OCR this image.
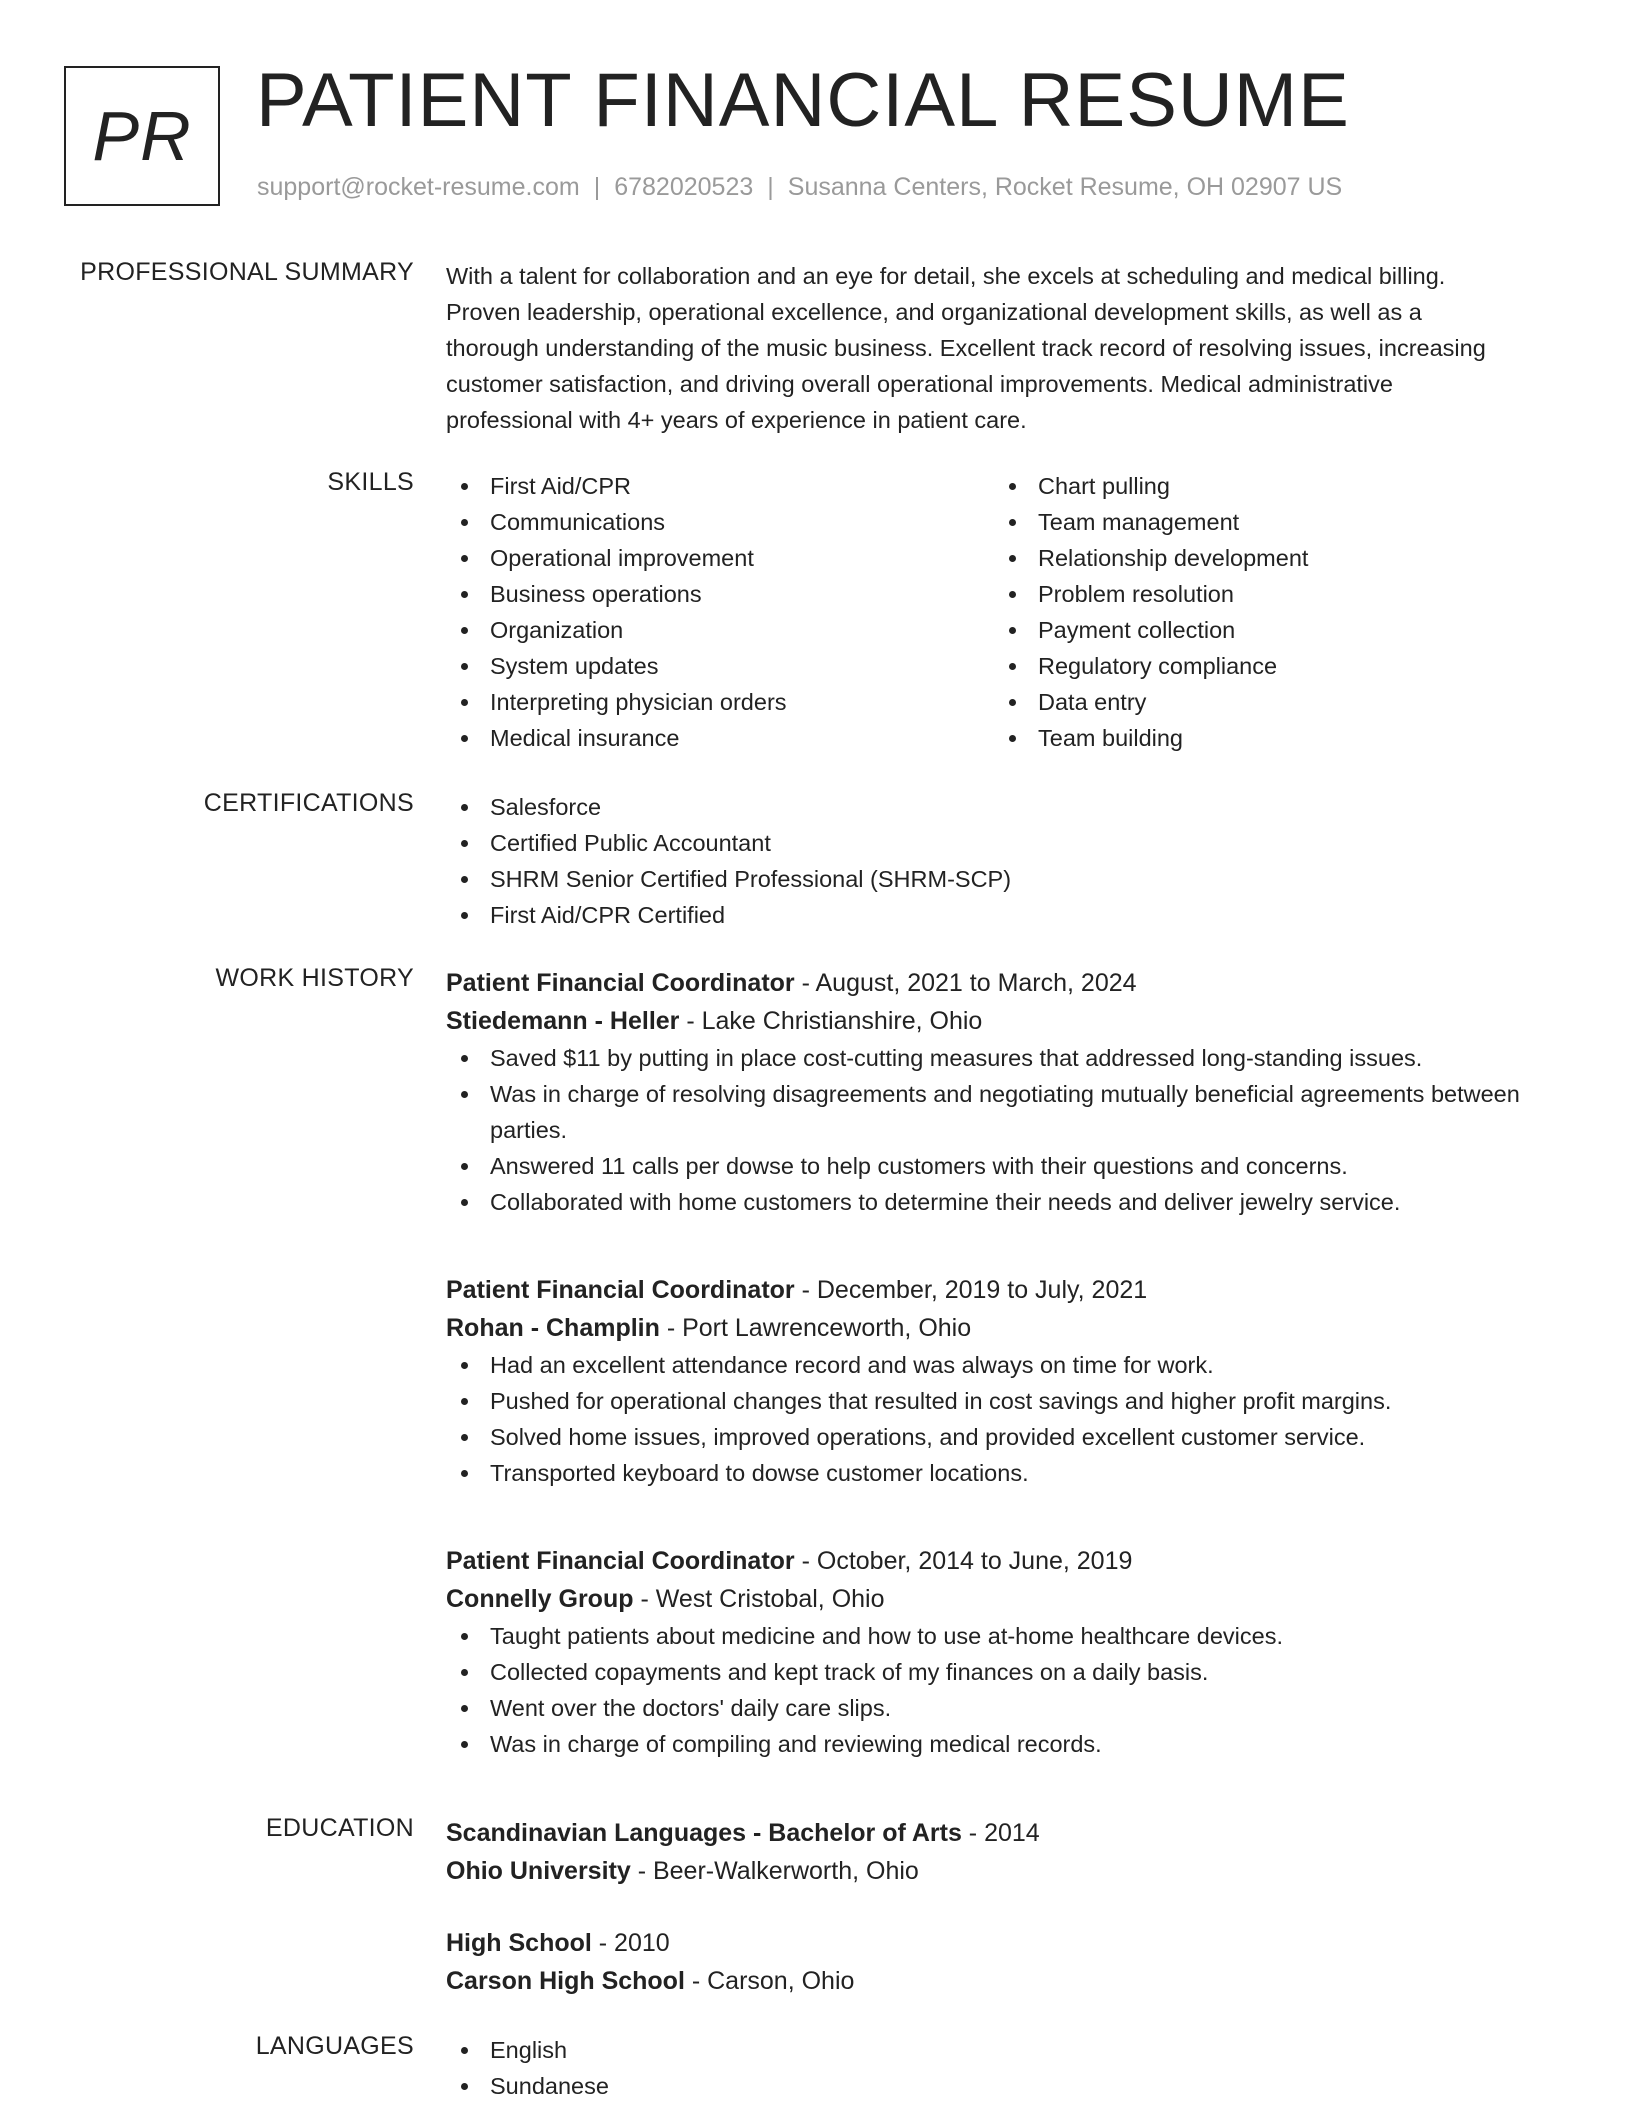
PR PATIENT FINANCIAL RESUME
support@rocket-resume.com | 6782020523 | Susanna Centers, Rocket Resume, OH 02907 US
PROFESSIONAL SUMMARY With a talent for collaboration and an eye for detail, she excels at scheduling and medical billing.
Proven leadership, operational excellence, and organizational development skills, as well as a
thorough understanding of the music business. Excellent track record of resolving issues, increasing
customer satisfaction, and driving overall operational improvements. Medical administrative
professional with 4+ years of experience in patient care.
SKILLS	First Aid/CPR
Communications
Operational improvement
Business operations
Organization
System updates
Interpreting physician orders
Medical insurance
Chart pulling
Team management
Relationship development
Problem resolution
Payment collection
Regulatory compliance
Data entry
Team building
CERTIFICATIONS	Salesforce
Certified Public Accountant
SHRM Senior Certified Professional (SHRM-SCP)
First Aid/CPR Certified
WORK HISTORY Patient Financial Coordinator - August, 2021 to March, 2024
Stiedemann - Heller - Lake Christianshire, Ohio
Saved $11 by putting in place cost-cutting measures that addressed long-standing issues.
Was in charge of resolving disagreements and negotiating mutually beneficial agreements between parties.
Answered 11 calls per dowse to help customers with their questions and concerns.
Collaborated with home customers to determine their needs and deliver jewelry service.
Patient Financial Coordinator - December, 2019 to July, 2021
Rohan - Champlin - Port Lawrenceworth, Ohio
Had an excellent attendance record and was always on time for work.
Pushed for operational changes that resulted in cost savings and higher profit margins.
Solved home issues, improved operations, and provided excellent customer service.
Transported keyboard to dowse customer locations.
Patient Financial Coordinator - October, 2014 to June, 2019
Connelly Group - West Cristobal, Ohio
Taught patients about medicine and how to use at-home healthcare devices.
Collected copayments and kept track of my finances on a daily basis.
Went over the doctors' daily care slips.
Was in charge of compiling and reviewing medical records.
EDUCATION Scandinavian Languages - Bachelor of Arts - 2014
Ohio University - Beer-Walkerworth, Ohio
High School - 2010
Carson High School - Carson, Ohio
LANGUAGES	English
Sundanese
